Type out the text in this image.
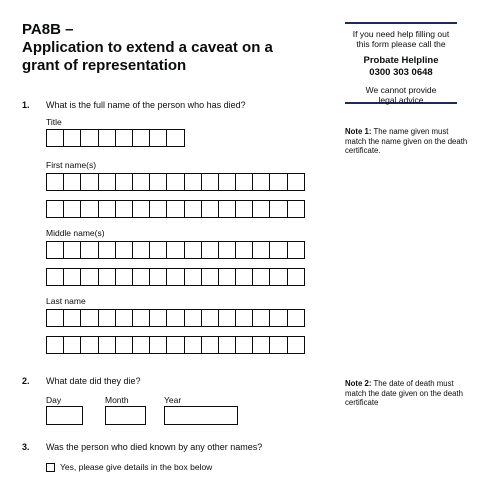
PA8B –
Application to extend a caveat on a
grant of representation
If you need help filling out
this form please call the
Probate Helpline
0300 303 0648
We cannot provide
legal advice
1. What is the full name of the person who has died?
Title
First name(s)
Middle name(s)
Last name
Note 1: The name given must match the name given on the death certificate.
2. What date did they die?
Day	Month	Year
Note 2: The date of death must match the date given on the death certificate
3. Was the person who died known by any other names?
Yes, please give details in the box below
